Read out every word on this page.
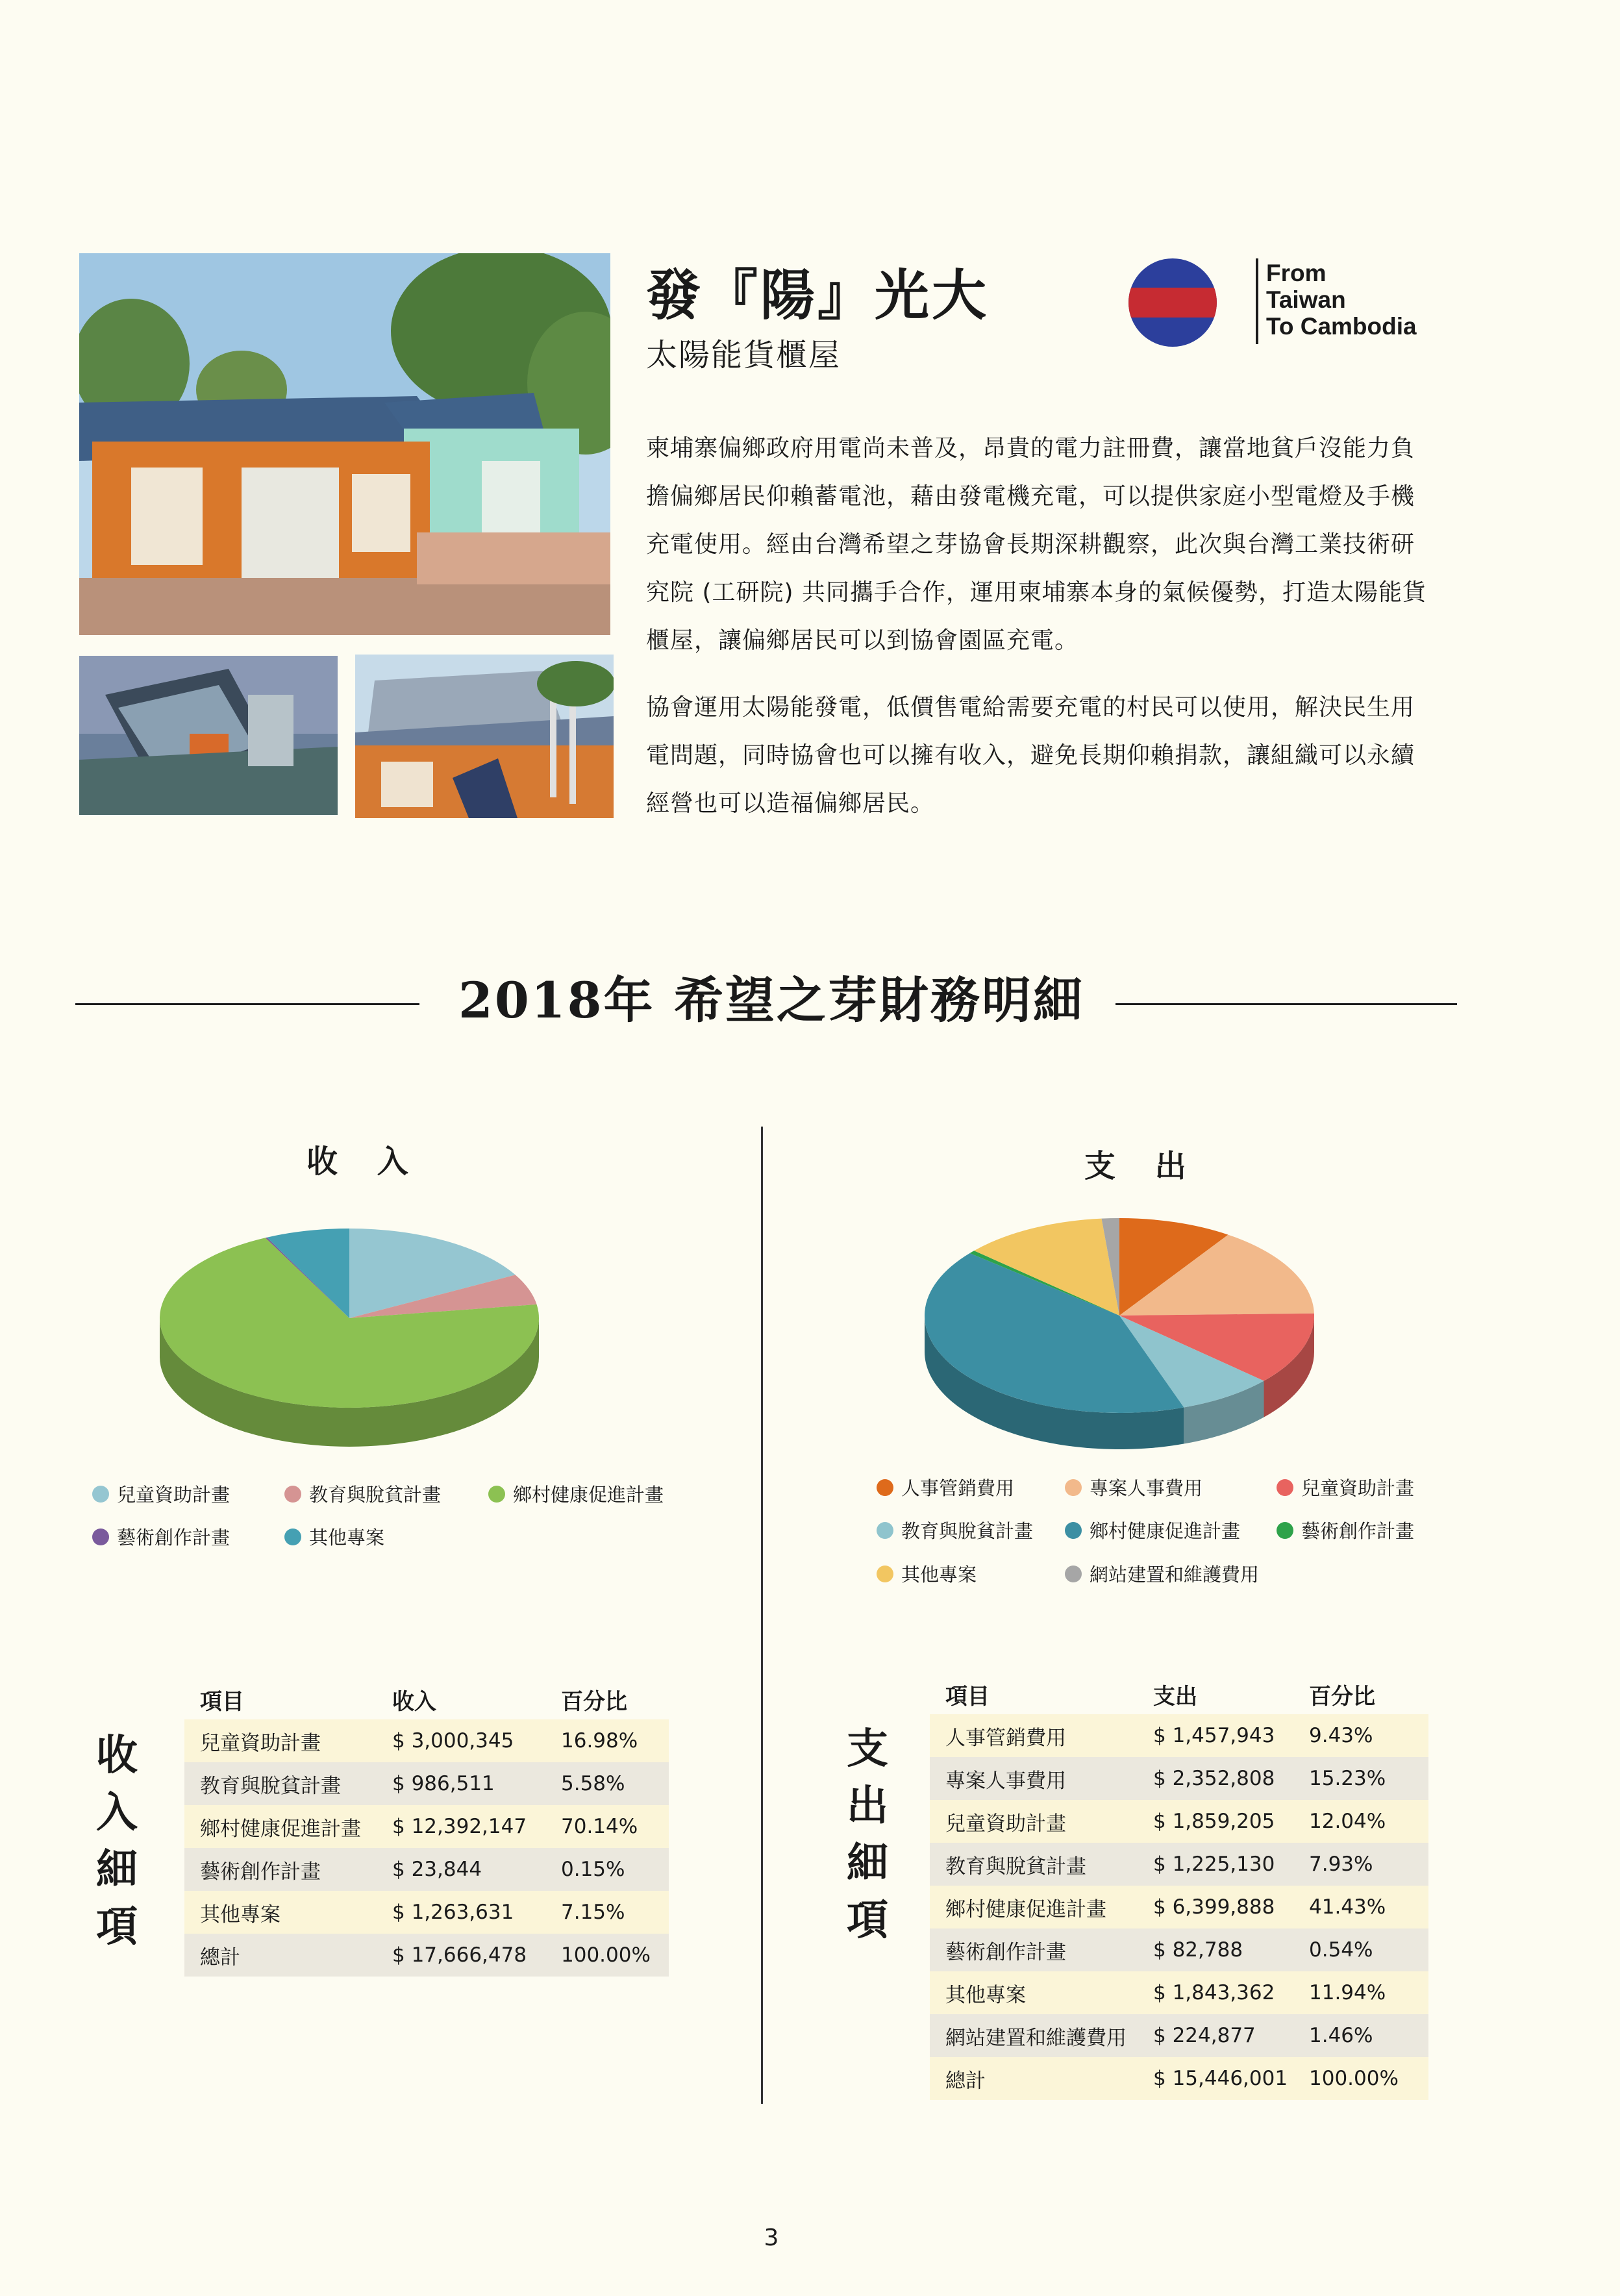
發『陽』光大
太陽能貨櫃屋
From
Taiwan
To Cambodia
柬埔寨偏鄉政府用電尚未普及，昂貴的電力註冊費，讓當地貧戶沒能力負
擔偏鄉居民仰賴蓄電池，藉由發電機充電，可以提供家庭小型電燈及手機
充電使用。經由台灣希望之芽協會長期深耕觀察，此次與台灣工業技術研
究院 (工研院) 共同攜手合作，運用柬埔寨本身的氣候優勢，打造太陽能貨
櫃屋，讓偏鄉居民可以到協會園區充電。
協會運用太陽能發電，低價售電給需要充電的村民可以使用，解決民生用
電問題，同時協會也可以擁有收入，避免長期仰賴捐款，讓組織可以永續
經營也可以造福偏鄉居民。
2018年 希望之芽財務明細
收 入
兒童資助計畫	教育與脫貧計畫	鄉村健康促進計畫
藝術創作計畫	其他專案
支 出
人事管銷費用	專案人事費用	兒童資助計畫
教育與脫貧計畫	鄉村健康促進計畫	藝術創作計畫
其他專案	網站建置和維護費用
收
入
細
項
項目	收入	百分比
兒童資助計畫	$ 3,000,345	16.98%
教育與脫貧計畫	$ 986,511	5.58%
鄉村健康促進計畫	$ 12,392,147	70.14%
藝術創作計畫	$ 23,844	0.15%
其他專案	$ 1,263,631	7.15%
總計	$ 17,666,478	100.00%
支
出
細
項
項目	支出	百分比
人事管銷費用	$ 1,457,943	9.43%
專案人事費用	$ 2,352,808	15.23%
兒童資助計畫	$ 1,859,205	12.04%
教育與脫貧計畫	$ 1,225,130	7.93%
鄉村健康促進計畫	$ 6,399,888	41.43%
藝術創作計畫	$ 82,788	0.54%
其他專案	$ 1,843,362	11.94%
網站建置和維護費用	$ 224,877	1.46%
總計	$ 15,446,001	100.00%
3
